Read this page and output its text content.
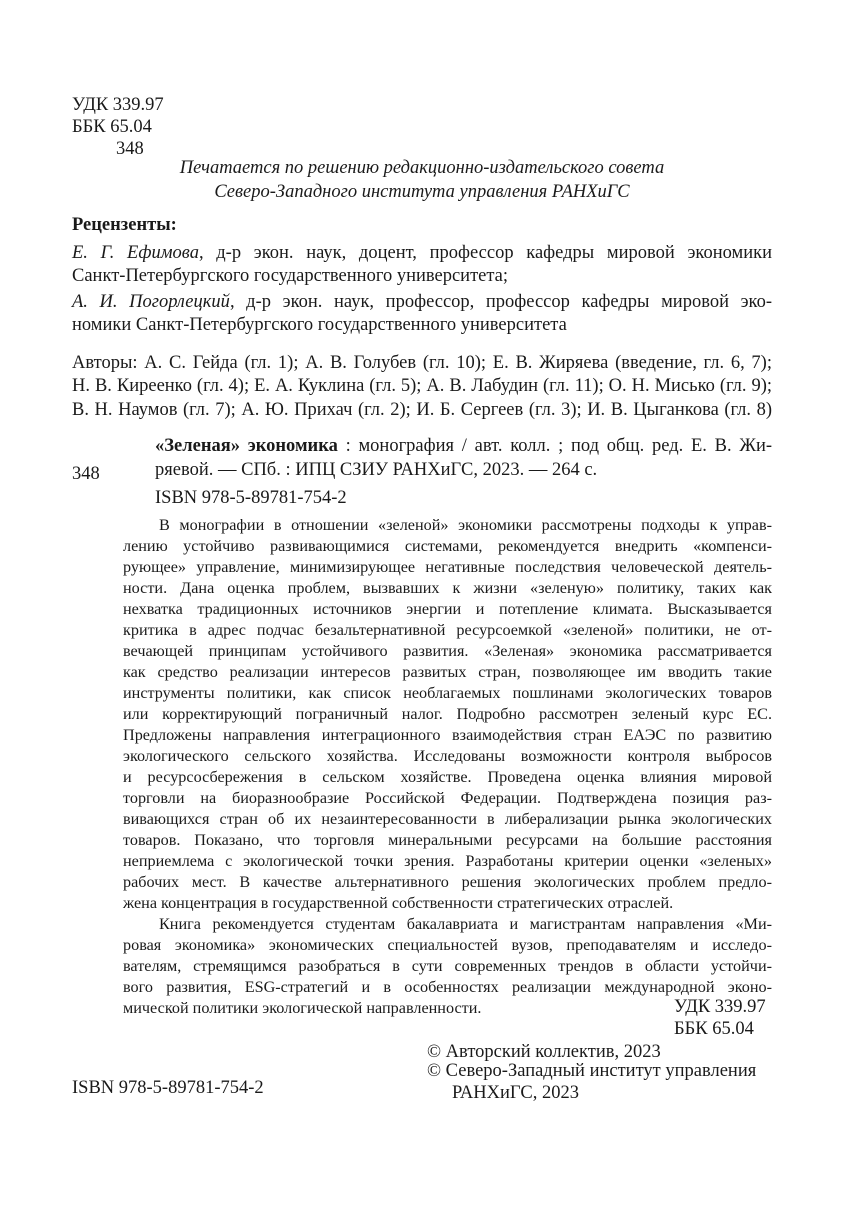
УДК 339.97
ББК 65.04
348
Печатается по решению редакционно-издательского совета
Северо-Западного института управления РАНХиГС
Рецензенты:
Е. Г. Ефимова, д-р экон. наук, доцент, профессор кафедры мировой экономики
Санкт-Петербургского государственного университета;
А. И. Погорлецкий, д-р экон. наук, профессор, профессор кафедры мировой эко-
номики Санкт-Петербургского государственного университета
Авторы: А. С. Гейда (гл. 1); А. В. Голубев (гл. 10); Е. В. Жиряева (введение, гл. 6, 7);
Н. В. Киреенко (гл. 4); Е. А. Куклина (гл. 5); А. В. Лабудин (гл. 11); О. Н. Мисько (гл. 9);
В. Н. Наумов (гл. 7); А. Ю. Прихач (гл. 2); И. Б. Сергеев (гл. 3); И. В. Цыганкова (гл. 8)
«Зеленая» экономика : монография / авт. колл. ; под общ. ред. Е. В. Жи-
348	ряевой. — СПб. : ИПЦ СЗИУ РАНХиГС, 2023. — 264 с.
ISBN 978-5-89781-754-2
В монографии в отношении «зеленой» экономики рассмотрены подходы к управ-
лению устойчиво развивающимися системами, рекомендуется внедрить «компенси-
рующее» управление, минимизирующее негативные последствия человеческой деятель-
ности. Дана оценка проблем, вызвавших к жизни «зеленую» политику, таких как
нехватка традиционных источников энергии и потепление климата. Высказывается
критика в адрес подчас безальтернативной ресурсоемкой «зеленой» политики, не от-
вечающей принципам устойчивого развития. «Зеленая» экономика рассматривается
как средство реализации интересов развитых стран, позволяющее им вводить такие
инструменты политики, как список необлагаемых пошлинами экологических товаров
или корректирующий пограничный налог. Подробно рассмотрен зеленый курс ЕС.
Предложены направления интеграционного взаимодействия стран ЕАЭС по развитию
экологического сельского хозяйства. Исследованы возможности контроля выбросов
и ресурсосбережения в сельском хозяйстве. Проведена оценка влияния мировой
торговли на биоразнообразие Российской Федерации. Подтверждена позиция раз-
вивающихся стран об их незаинтересованности в либерализации рынка экологических
товаров. Показано, что торговля минеральными ресурсами на большие расстояния
неприемлема с экологической точки зрения. Разработаны критерии оценки «зеленых»
рабочих мест. В качестве альтернативного решения экологических проблем предло-
жена концентрация в государственной собственности стратегических отраслей.
Книга рекомендуется студентам бакалавриата и магистрантам направления «Ми-
ровая экономика» экономических специальностей вузов, преподавателям и исследо-
вателям, стремящимся разобраться в сути современных трендов в области устойчи-
вого развития, ESG-стратегий и в особенностях реализации международной эконо-
мической политики экологической направленности.	УДК 339.97
ББК 65.04
© Авторский коллектив, 2023
© Северо-Западный институт управления
РАНХиГС, 2023
ISBN 978-5-89781-754-2
